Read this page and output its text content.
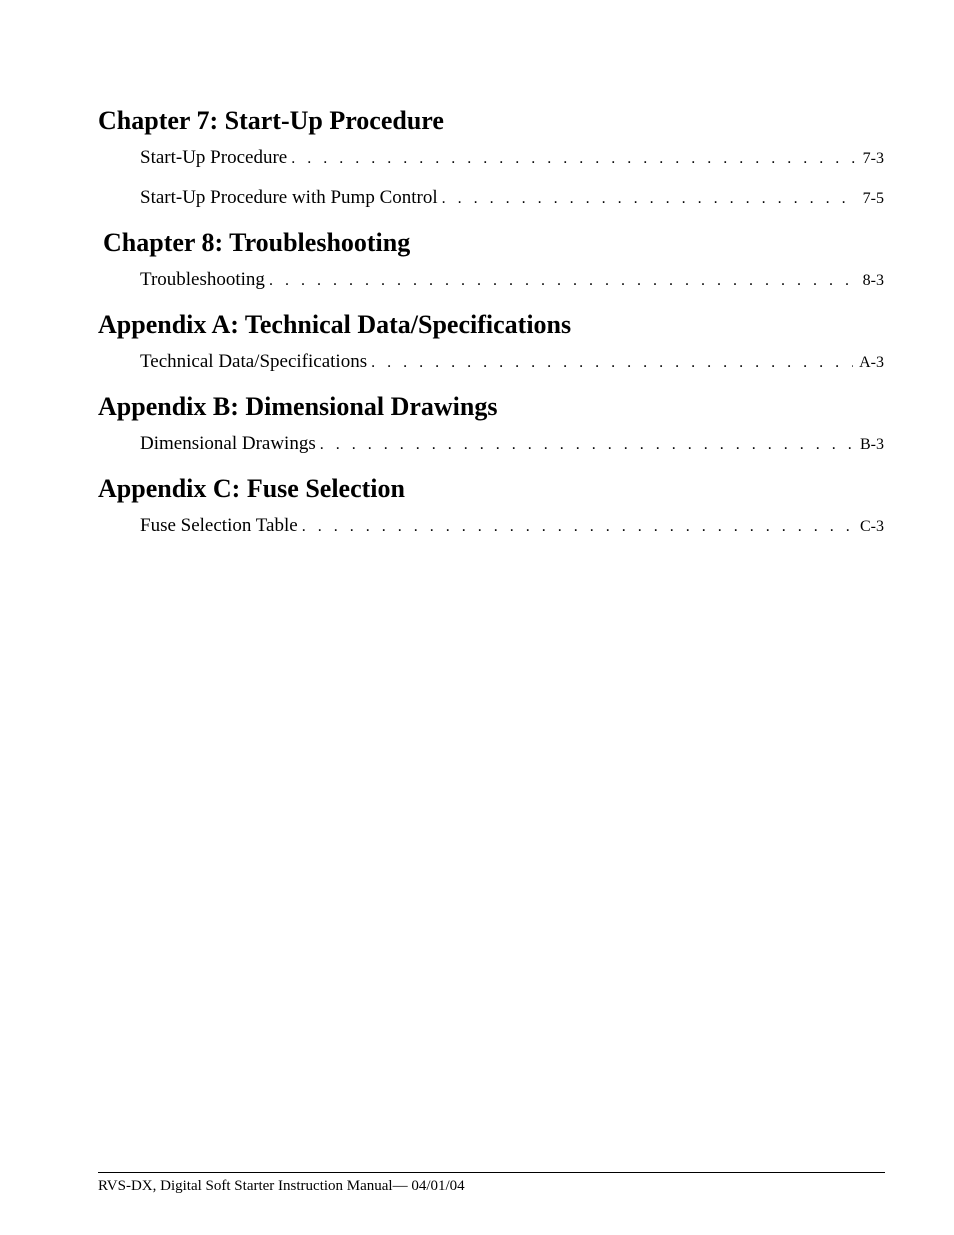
Chapter 7: Start-Up Procedure
Start-Up Procedure . . .	7-3
Start-Up Procedure with Pump Control . . .	7-5
Chapter 8: Troubleshooting
Troubleshooting . . .	8-3
Appendix A: Technical Data/Specifications
Technical Data/Specifications . . .	A-3
Appendix B: Dimensional Drawings
Dimensional Drawings . . .	B-3
Appendix C: Fuse Selection
Fuse Selection Table . . .	C-3
RVS-DX, Digital Soft Starter Instruction Manual— 04/01/04
